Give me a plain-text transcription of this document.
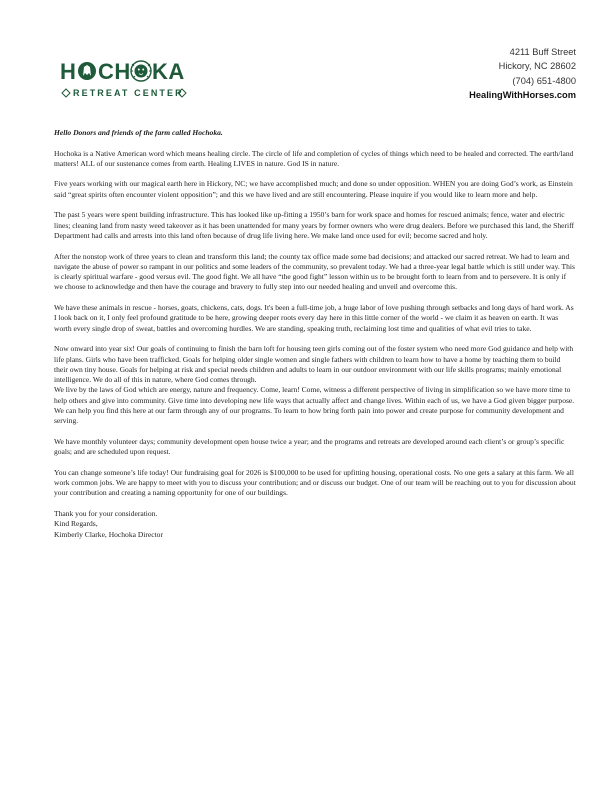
H CH KA
RETREAT CENTER
4211 Buff Street
Hickory, NC 28602
(704) 651-4800
HealingWithHorses.com

Hello Donors and friends of the farm called Hochoka.

Hochoka is a Native American word which means healing circle. The circle of life and completion of cycles of things which need to be healed and corrected. The earth/land matters! ALL of our sustenance comes from earth. Healing LIVES in nature. God IS in nature.

Five years working with our magical earth here in Hickory, NC; we have accomplished much; and done so under opposition. WHEN you are doing God’s work, as Einstein said “great spirits often encounter violent opposition”; and this we have lived and are still encountering. Please inquire if you would like to learn more and help.

The past 5 years were spent building infrastructure. This has looked like up-fitting a 1950’s barn for work space and homes for rescued animals; fence, water and electric lines; cleaning land from nasty weed takeover as it has been unattended for many years by former owners who were drug dealers. Before we purchased this land, the Sheriff Department had calls and arrests into this land often because of drug life living here. We make land once used for evil; become sacred and holy.

After the nonstop work of three years to clean and transform this land; the county tax office made some bad decisions; and attacked our sacred retreat. We had to learn and navigate the abuse of power so rampant in our politics and some leaders of the community, so prevalent today. We had a three-year legal battle which is still under way. This is clearly spiritual warfare - good versus evil. The good fight. We all have “the good fight” lesson within us to be brought forth to learn from and to persevere. It is only if we choose to acknowledge and then have the courage and bravery to fully step into our needed healing and unveil and overcome this.

We have these animals in rescue - horses, goats, chickens, cats, dogs. It's been a full-time job, a huge labor of love pushing through setbacks and long days of hard work. As I look back on it, I only feel profound gratitude to be here, growing deeper roots every day here in this little corner of the world - we claim it as heaven on earth. It was worth every single drop of sweat, battles and overcoming hurdles. We are standing, speaking truth, reclaiming lost time and qualities of what evil tries to take.

Now onward into year six! Our goals of continuing to finish the barn loft for housing teen girls coming out of the foster system who need more God guidance and help with life plans. Girls who have been trafficked. Goals for helping older single women and single fathers with children to learn how to have a home by teaching them to build their own tiny house. Goals for helping at risk and special needs children and adults to learn in our outdoor environment with our life skills programs; mainly emotional intelligence. We do all of this in nature, where God comes through.
We live by the laws of God which are energy, nature and frequency. Come, learn! Come, witness a different perspective of living in simplification so we have more time to help others and give into community. Give time into developing new life ways that actually affect and change lives. Within each of us, we have a God given bigger purpose. We can help you find this here at our farm through any of our programs. To learn to how bring forth pain into power and create purpose for community development and serving.

We have monthly volunteer days; community development open house twice a year; and the programs and retreats are developed around each client’s or group’s specific goals; and are scheduled upon request.

You can change someone’s life today! Our fundraising goal for 2026 is $100,000 to be used for upfitting housing, operational costs. No one gets a salary at this farm. We all work common jobs. We are happy to meet with you to discuss your contribution; and or discuss our budget. One of our team will be reaching out to you for discussion about your contribution and creating a naming opportunity for one of our buildings.

Thank you for your consideration.

Kind Regards,

Kimberly Clarke, Hochoka Director
